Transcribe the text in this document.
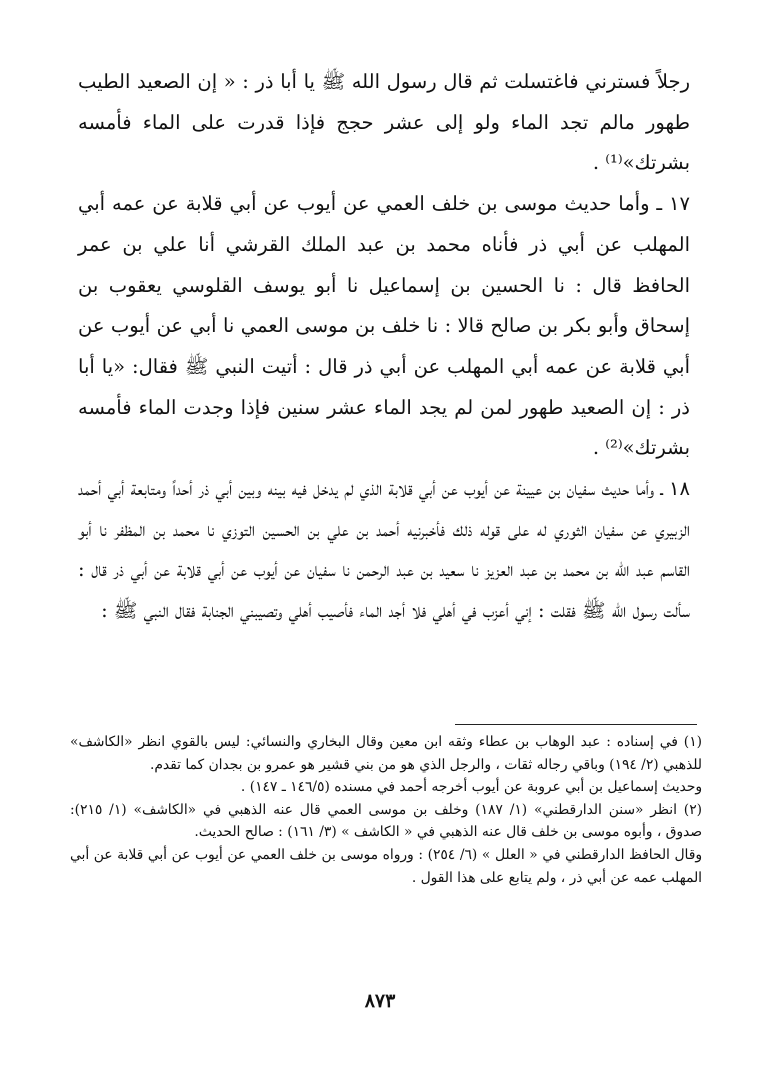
رجلاً فسترني فاغتسلت ثم قال رسول الله ﷺ يا أبا ذر : « إن الصعيد الطيب طهور مالم تجد الماء ولو إلى عشر حجج فإذا قدرت على الماء فأمسه بشرتك»⁽¹⁾ .

١٧ ـ وأما حديث موسى بن خلف العمي عن أيوب عن أبي قلابة عن عمه أبي المهلب عن أبي ذر فأناه محمد بن عبد الملك القرشي أنا علي بن عمر الحافظ قال : نا الحسين بن إسماعيل نا أبو يوسف القلوسي يعقوب بن إسحاق وأبو بكر بن صالح قالا : نا خلف بن موسى العمي نا أبي عن أيوب عن أبي قلابة عن عمه أبي المهلب عن أبي ذر قال : أتيت النبي ﷺ فقال: «يا أبا ذر : إن الصعيد طهور لمن لم يجد الماء عشر سنين فإذا وجدت الماء فأمسه بشرتك»⁽²⁾ .

١٨ ـ وأما حديث سفيان بن عيينة عن أيوب عن أبي قلابة الذي لم يدخل فيه بينه وبين أبي ذر أحداً ومتابعة أبي أحمد الزبيري عن سفيان الثوري له على قوله ذلك فأخبرنيه أحمد بن علي بن الحسين التوزي نا محمد بن المظفر نا أبو القاسم عبد الله بن محمد بن عبد العزيز نا سعيد بن عبد الرحمن نا سفيان عن أيوب عن أبي قلابة عن أبي ذر قال : سألت رسول الله ﷺ فقلت : إني أعزب في أهلي فلا أجد الماء فأصيب أهلي وتصيبني الجنابة فقال النبي ﷺ :

(١) في إسناده : عبد الوهاب بن عطاء وثقه ابن معين وقال البخاري والنسائي: ليس بالقوي انظر «الكاشف» للذهبي (٢/ ١٩٤) وباقي رجاله ثقات ، والرجل الذي هو من بني قشير هو عمرو بن بجدان كما تقدم.

وحديث إسماعيل بن أبي عروبة عن أيوب أخرجه أحمد في مسنده (١٤٦/٥ ـ ١٤٧) .

(٢) انظر «سنن الدارقطني» (١/ ١٨٧) وخلف بن موسى العمي قال عنه الذهبي في «الكاشف» (١/ ٢١٥): صدوق ، وأبوه موسى بن خلف قال عنه الذهبي في « الكاشف » (٣/ ١٦١) : صالح الحديث.

وقال الحافظ الدارقطني في « العلل » (٦/ ٢٥٤) : ورواه موسى بن خلف العمي عن أيوب عن أبي قلابة عن أبي المهلب عمه عن أبي ذر ، ولم يتابع على هذا القول .

٨٧٣
